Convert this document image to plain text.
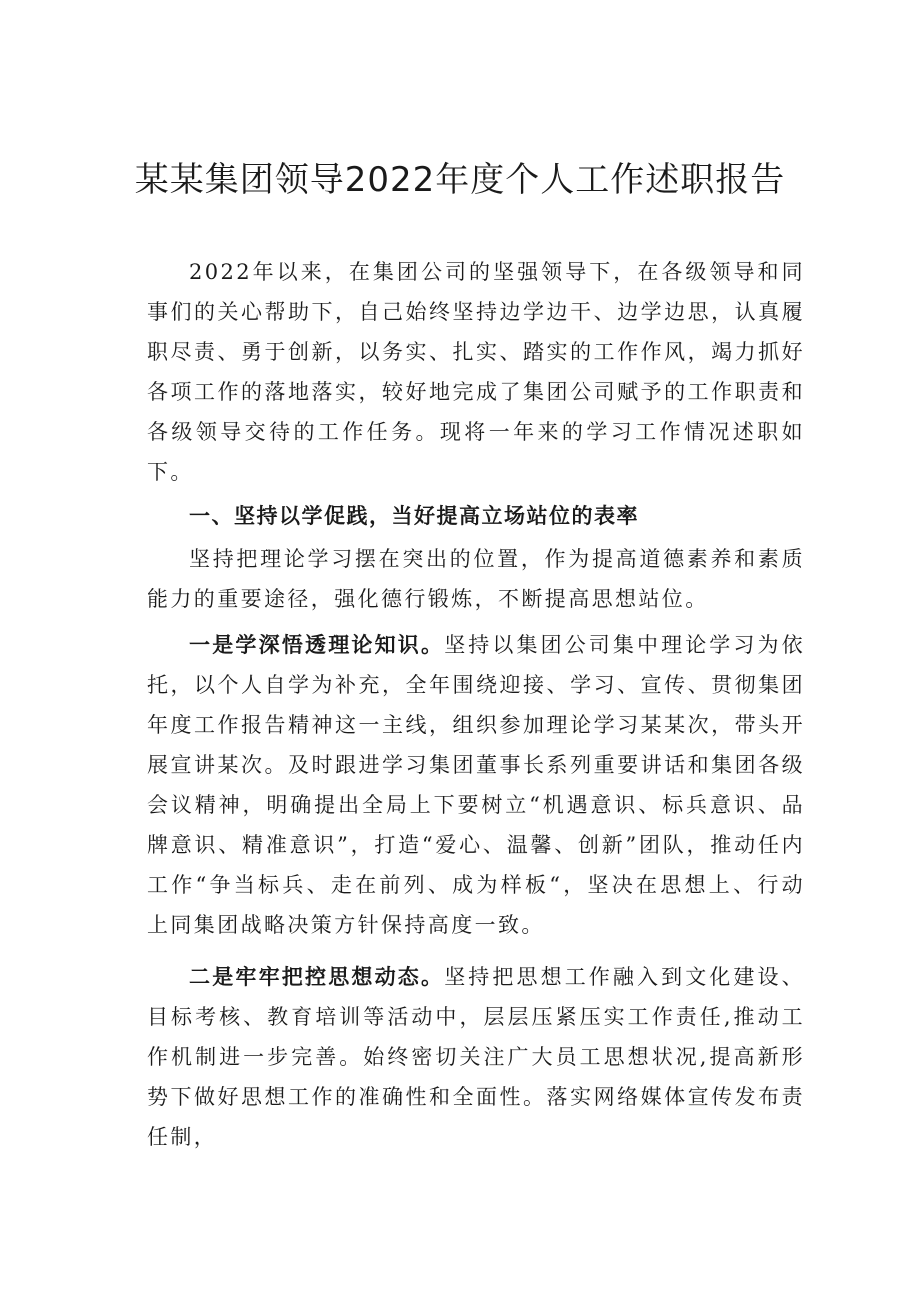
某某集团领导2022年度个人工作述职报告

2022年以来，在集团公司的坚强领导下，在各级领导和同事们的关心帮助下，自己始终坚持边学边干、边学边思，认真履职尽责、勇于创新，以务实、扎实、踏实的工作作风，竭力抓好各项工作的落地落实，较好地完成了集团公司赋予的工作职责和各级领导交待的工作任务。现将一年来的学习工作情况述职如下。

一、坚持以学促践，当好提高立场站位的表率

坚持把理论学习摆在突出的位置，作为提高道德素养和素质能力的重要途径，强化德行锻炼，不断提高思想站位。

一是学深悟透理论知识。坚持以集团公司集中理论学习为依托，以个人自学为补充，全年围绕迎接、学习、宣传、贯彻集团年度工作报告精神这一主线，组织参加理论学习某某次，带头开展宣讲某次。及时跟进学习集团董事长系列重要讲话和集团各级会议精神，明确提出全局上下要树立“机遇意识、标兵意识、品牌意识、精准意识”，打造“爱心、温馨、创新”团队，推动任内工作“争当标兵、走在前列、成为样板“，坚决在思想上、行动上同集团战略决策方针保持高度一致。

二是牢牢把控思想动态。坚持把思想工作融入到文化建设、目标考核、教育培训等活动中，层层压紧压实工作责任,推动工作机制进一步完善。始终密切关注广大员工思想状况,提高新形势下做好思想工作的准确性和全面性。落实网络媒体宣传发布责任制，
